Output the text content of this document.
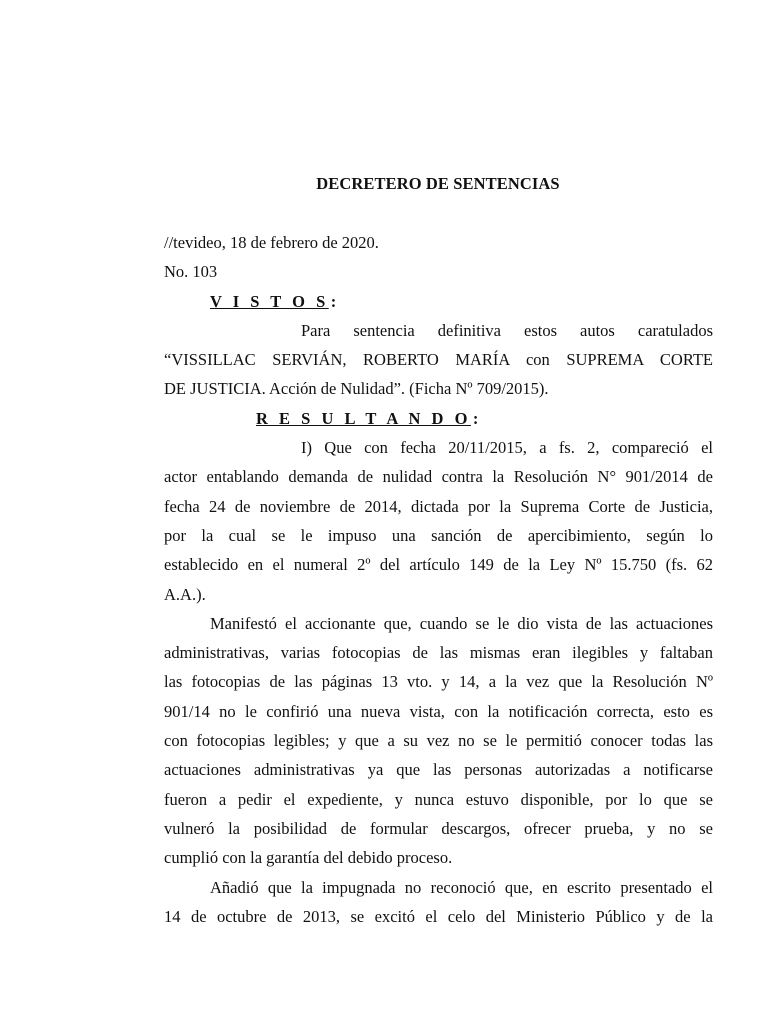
DECRETERO DE SENTENCIAS
//tevideo, 18 de febrero de 2020.
No. 103
V I S T O S :
Para sentencia definitiva estos autos caratulados
“VISSILLAC SERVIÁN, ROBERTO MARÍA con SUPREMA CORTE
DE JUSTICIA. Acción de Nulidad”. (Ficha Nº 709/2015).
R E S U L T A N D O :
I) Que con fecha 20/11/2015, a fs. 2, compareció el
actor entablando demanda de nulidad contra la Resolución N° 901/2014 de
fecha 24 de noviembre de 2014, dictada por la Suprema Corte de Justicia,
por la cual se le impuso una sanción de apercibimiento, según lo
establecido en el numeral 2º del artículo 149 de la Ley Nº 15.750 (fs. 62
A.A.).
Manifestó el accionante que, cuando se le dio vista de las actuaciones
administrativas, varias fotocopias de las mismas eran ilegibles y faltaban
las fotocopias de las páginas 13 vto. y 14, a la vez que la Resolución Nº
901/14 no le confirió una nueva vista, con la notificación correcta, esto es
con fotocopias legibles; y que a su vez no se le permitió conocer todas las
actuaciones administrativas ya que las personas autorizadas a notificarse
fueron a pedir el expediente, y nunca estuvo disponible, por lo que se
vulneró la posibilidad de formular descargos, ofrecer prueba, y no se
cumplió con la garantía del debido proceso.
Añadió que la impugnada no reconoció que, en escrito presentado el
14 de octubre de 2013, se excitó el celo del Ministerio Público y de la
